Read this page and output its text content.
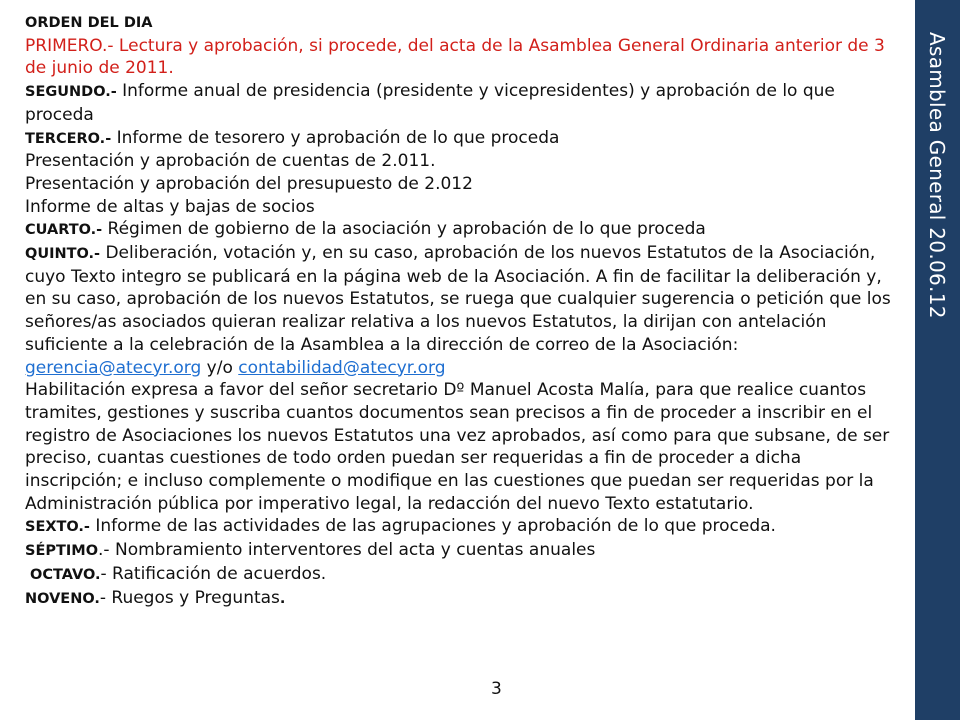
Asamblea General 20.06.12

ORDEN DEL DIA

PRIMERO.- Lectura y aprobación, si procede, del acta de la Asamblea General Ordinaria anterior de 3 de junio de 2011.

SEGUNDO.- Informe anual de presidencia (presidente y vicepresidentes) y aprobación de lo que proceda

TERCERO.- Informe de tesorero y aprobación de lo que proceda

Presentación y aprobación de cuentas de 2.011.

Presentación y aprobación del presupuesto de 2.012

Informe de altas y bajas de socios

CUARTO.- Régimen de gobierno de la asociación y aprobación de lo que proceda

QUINTO.- Deliberación, votación y, en su caso, aprobación de los nuevos Estatutos de la Asociación, cuyo Texto integro se publicará en la página web de la Asociación. A fin de facilitar la deliberación y, en su caso, aprobación de los nuevos Estatutos, se ruega que cualquier sugerencia o petición que los señores/as asociados quieran realizar relativa a los nuevos Estatutos, la dirijan con antelación suficiente a la celebración de la Asamblea a la dirección de correo de la Asociación: gerencia@atecyr.org y/o contabilidad@atecyr.org

Habilitación expresa a favor del señor secretario Dº Manuel Acosta Malía, para que realice cuantos tramites, gestiones y suscriba cuantos documentos sean precisos a fin de proceder a inscribir en el registro de Asociaciones los nuevos Estatutos una vez aprobados, así como para que subsane, de ser preciso, cuantas cuestiones de todo orden puedan ser requeridas a fin de proceder a dicha inscripción; e incluso complemente o modifique en las cuestiones que puedan ser requeridas por la Administración pública por imperativo legal, la redacción del nuevo Texto estatutario.

SEXTO.- Informe de las actividades de las agrupaciones y aprobación de lo que proceda.

SÉPTIMO.- Nombramiento interventores del acta y cuentas anuales

OCTAVO.- Ratificación de acuerdos.

NOVENO.- Ruegos y Preguntas.

3
